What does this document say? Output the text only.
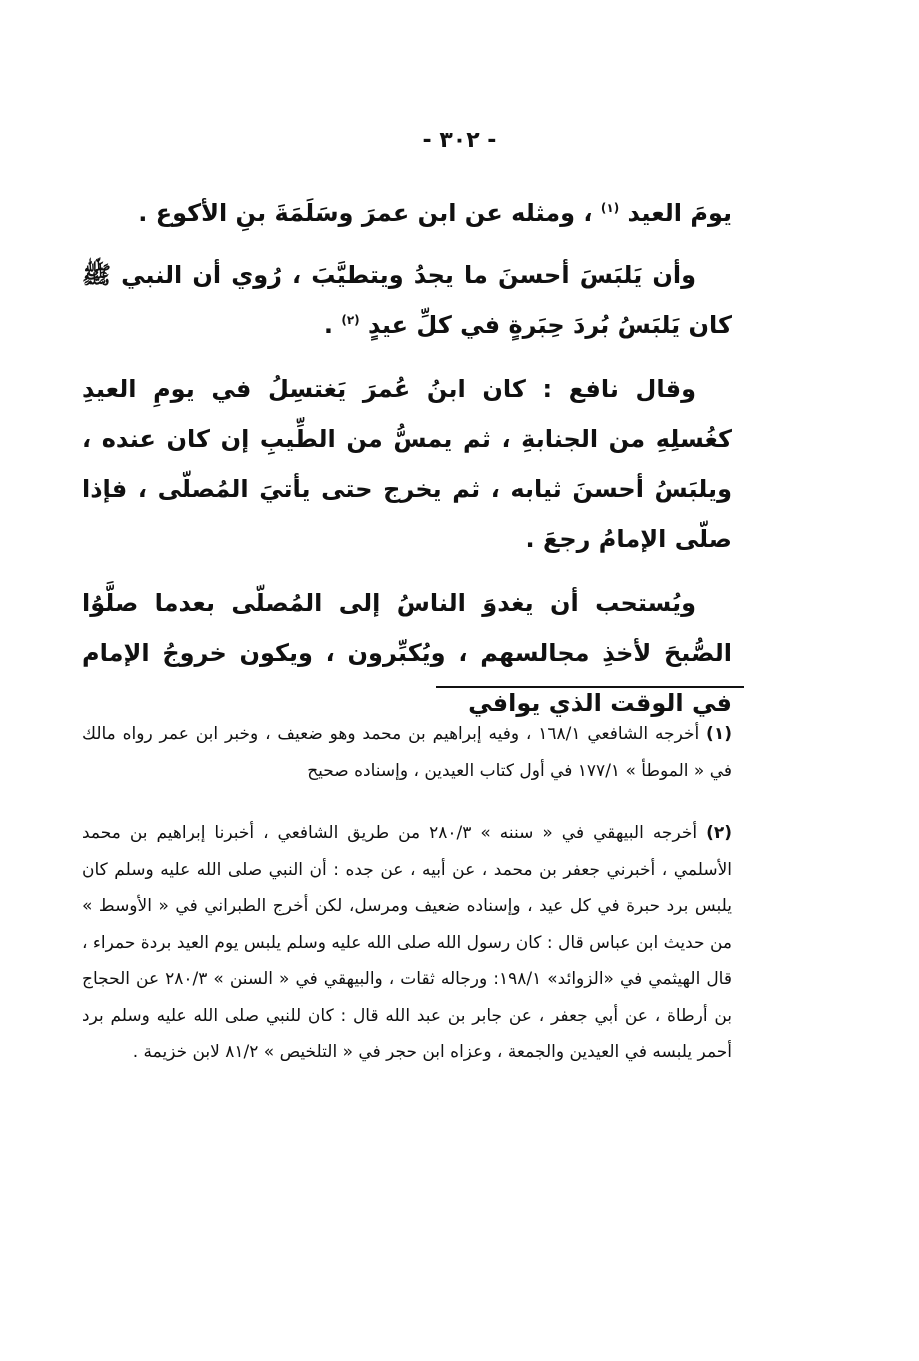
- ٣٠٢ -

يومَ العيد $^{(١)}$ ، ومثله عن ابن عمرَ وسَلَمَةَ بنِ الأكوع .

وأن يَلبَسَ أحسنَ ما يجدُ ويتطيَّبَ ، رُوي أن النبي ﷺ كان يَلبَسُ بُردَ حِبَرةٍ في كلِّ عيدٍ $^{(٢)}$ .

وقال نافع : كان ابنُ عُمرَ يَغتسِلُ في يومِ العيدِ كغُسلِهِ من الجنابةِ ، ثم يمسُّ من الطِّيبِ إن كان عنده ، ويلبَسُ أحسنَ ثيابه ، ثم يخرج حتى يأتيَ المُصلّى ، فإذا صلّى الإمامُ رجعَ .

ويُستحب أن يغدوَ الناسُ إلى المُصلّى بعدما صلَّوُا الصُّبحَ لأخذِ مجالسهم ، ويُكبِّرون ، ويكون خروجُ الإمام في الوقت الذي يوافي

(١) أخرجه الشافعي ١٦٨/١ ، وفيه إبراهيم بن محمد وهو ضعيف ، وخبر ابن عمر رواه مالك في « الموطأ » ١٧٧/١ في أول كتاب العيدين ، وإسناده صحيح

(٢) أخرجه البيهقي في « سننه » ٢٨٠/٣ من طريق الشافعي ، أخبرنا إبراهيم بن محمد الأسلمي ، أخبرني جعفر بن محمد ، عن أبيه ، عن جده : أن النبي صلى الله عليه وسلم كان يلبس برد حبرة في كل عيد ، وإسناده ضعيف ومرسل، لكن أخرج الطبراني في « الأوسط » من حديث ابن عباس قال : كان رسول الله صلى الله عليه وسلم يلبس يوم العيد بردة حمراء ، قال الهيثمي في «الزوائد» ١٩٨/١: ورجاله ثقات ، والبيهقي في « السنن » ٢٨٠/٣ عن الحجاج بن أرطاة ، عن أبي جعفر ، عن جابر بن عبد الله قال : كان للنبي صلى الله عليه وسلم برد أحمر يلبسه في العيدين والجمعة ، وعزاه ابن حجر في « التلخيص » ٨١/٢ لابن خزيمة .
